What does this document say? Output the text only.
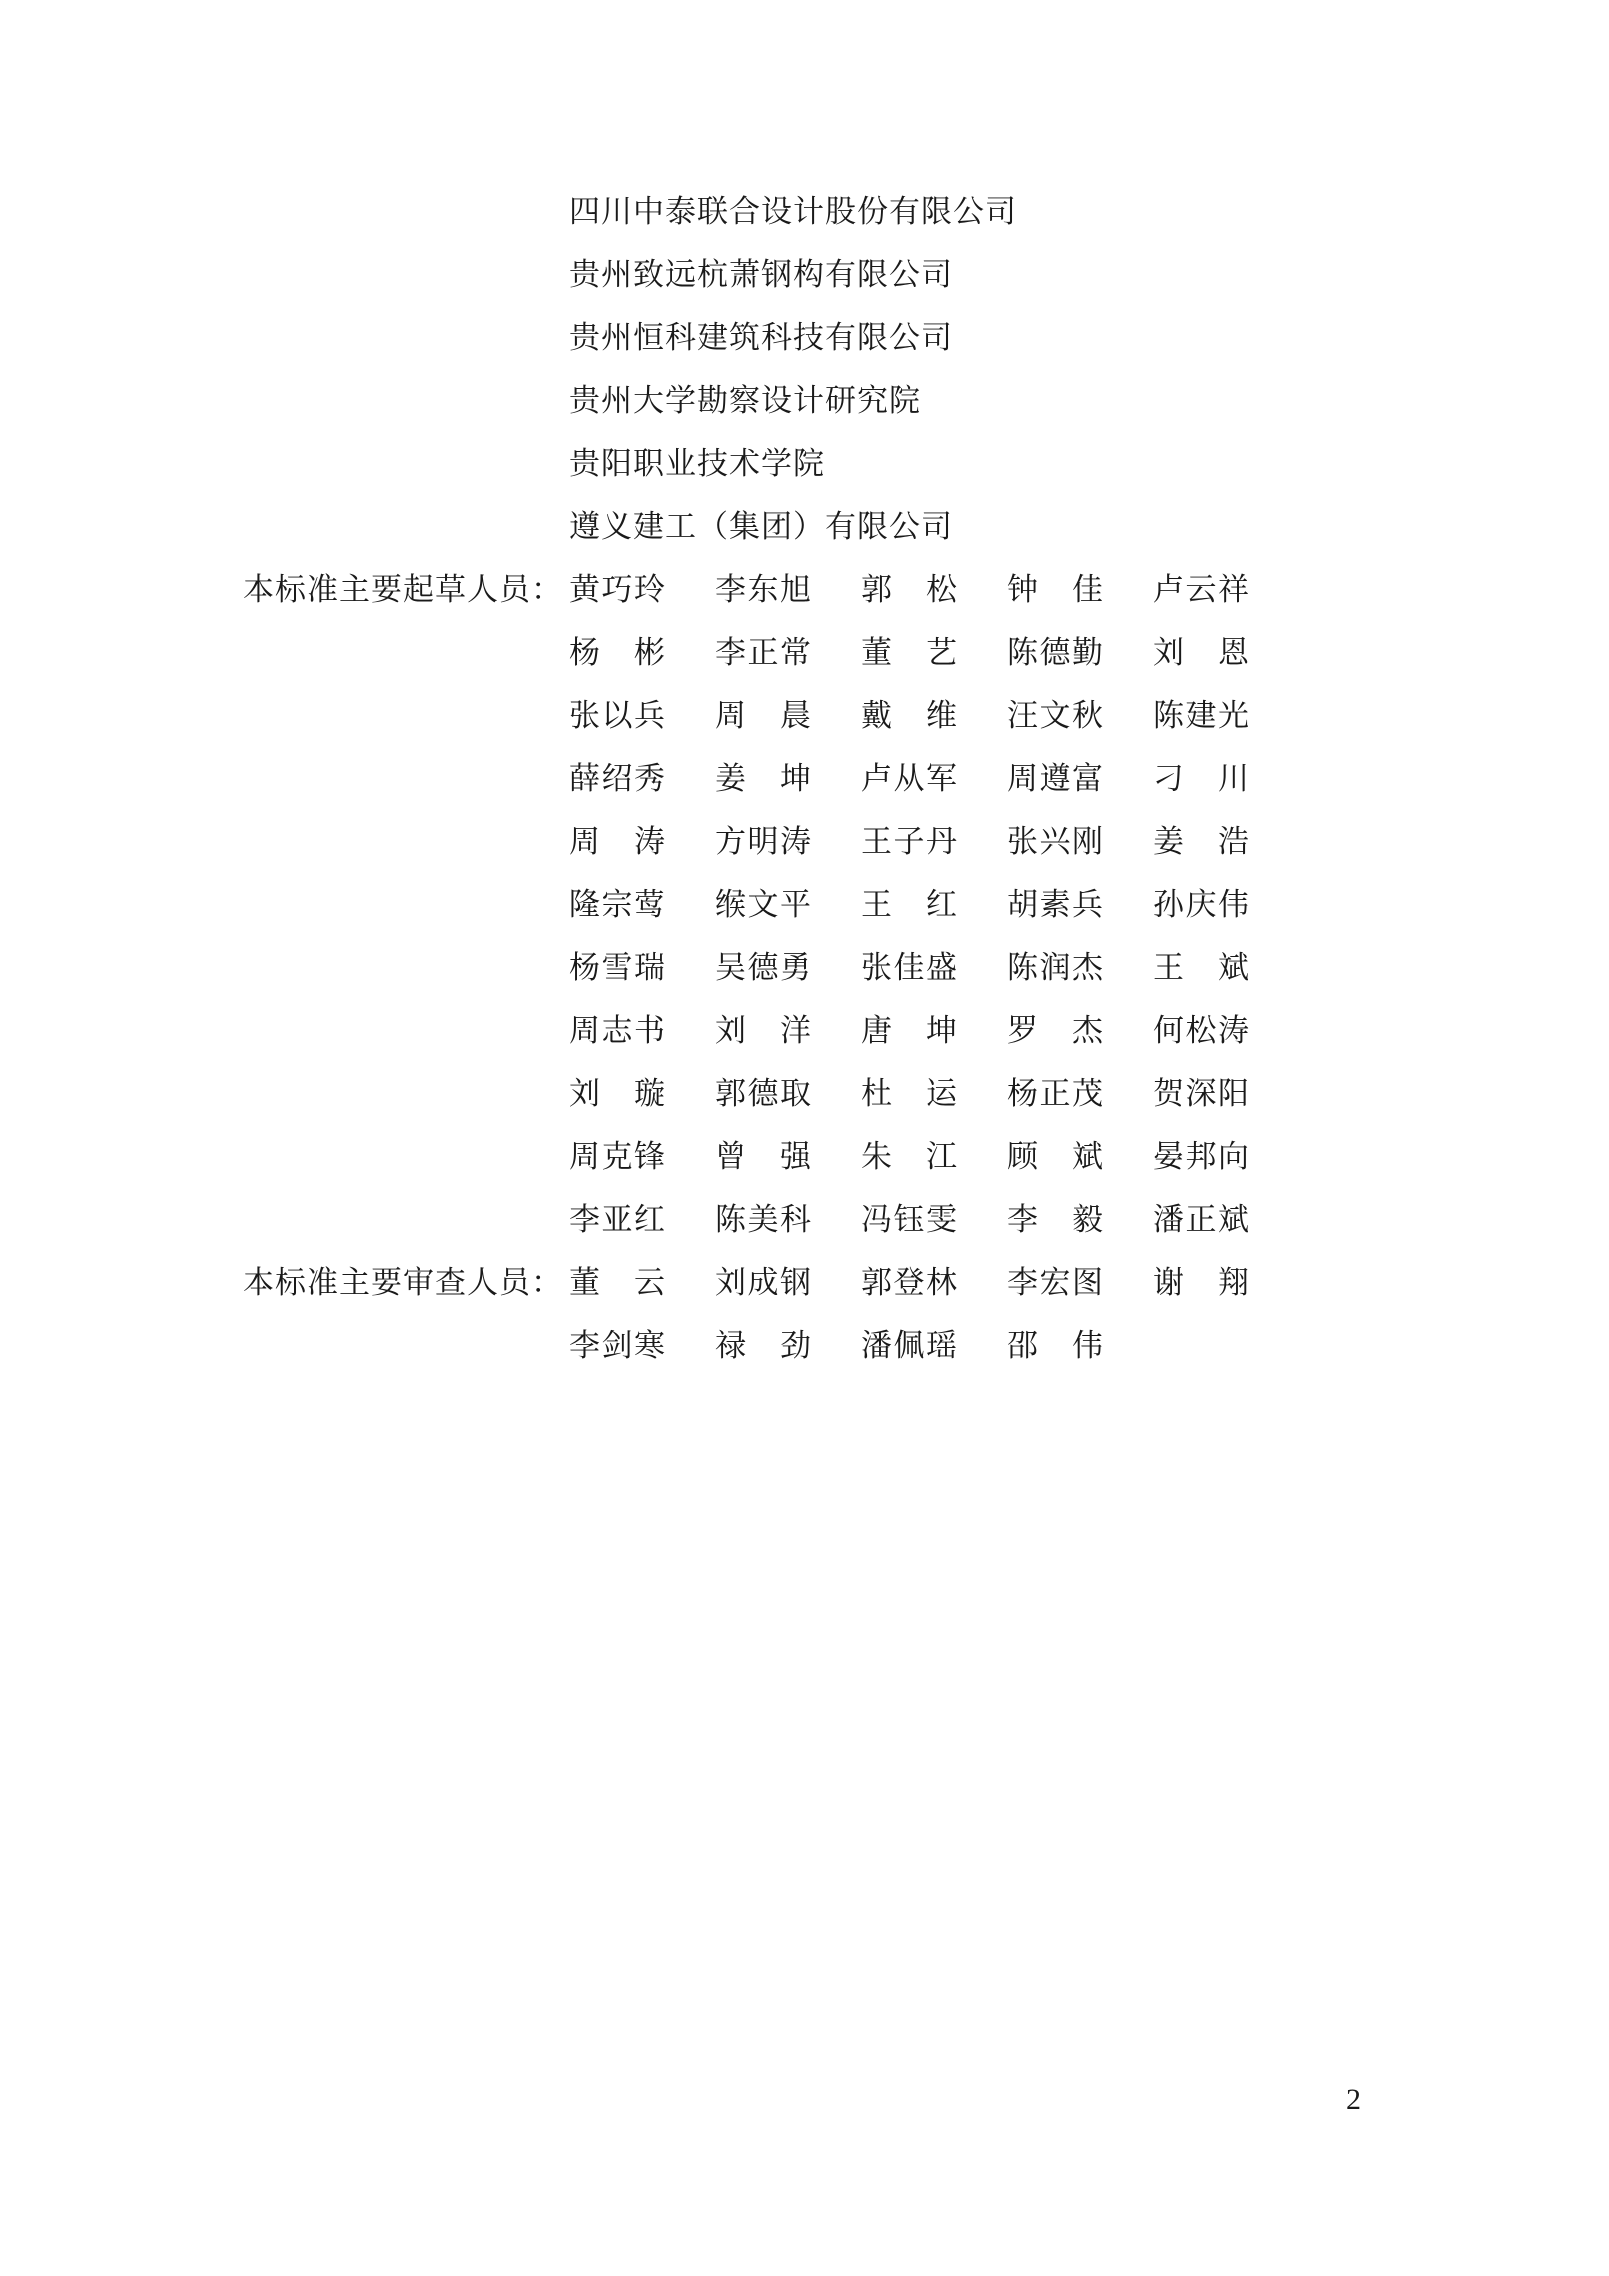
四川中泰联合设计股份有限公司
贵州致远杭萧钢构有限公司
贵州恒科建筑科技有限公司
贵州大学勘察设计研究院
贵阳职业技术学院
遵义建工（集团）有限公司
本标准主要起草人员： 黄巧玲 李东旭 郭松 钟佳 卢云祥
杨彬 李正常 董艺 陈德勤 刘恩
张以兵 周晨 戴维 汪文秋 陈建光
薛绍秀 姜坤 卢从军 周遵富 刁川
周涛 方明涛 王子丹 张兴刚 姜浩
隆宗莺 缑文平 王红 胡素兵 孙庆伟
杨雪瑞 吴德勇 张佳盛 陈润杰 王斌
周志书 刘洋 唐坤 罗杰 何松涛
刘璇 郭德取 杜运 杨正茂 贺深阳
周克锋 曾强 朱江 顾斌 晏邦向
李亚红 陈美科 冯钰雯 李毅 潘正斌
本标准主要审查人员： 董云 刘成钢 郭登林 李宏图 谢翔
李剑寒 禄劲 潘佩瑶 邵伟
2
